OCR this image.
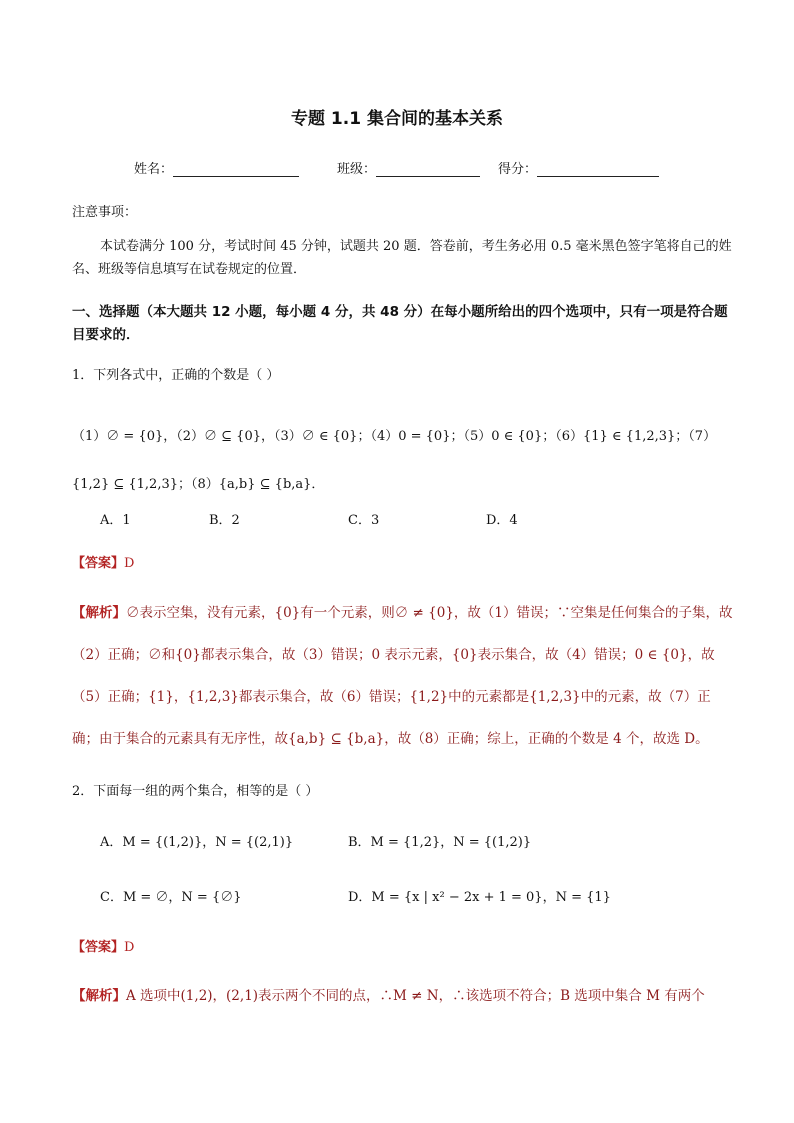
专题 1.1 集合间的基本关系
姓名：	班级：	得分：
注意事项：
本试卷满分 100 分，考试时间 45 分钟，试题共 20 题．答卷前，考生务必用 0.5 毫米黑色签字笔将自己的姓名、班级等信息填写在试卷规定的位置．
一、选择题（本大题共 12 小题，每小题 4 分，共 48 分）在每小题所给出的四个选项中，只有一项是符合题目要求的．
1．下列各式中，正确的个数是（ ）
（1）∅ = {0}，（2）∅ ⊆ {0}，（3）∅ ∈ {0}；（4）0 = {0}；（5）0 ∈ {0}；（6）{1} ∈ {1,2,3}；（7）
{1,2} ⊆ {1,2,3}；（8）{a,b} ⊆ {b,a}．
A．1	B．2	C．3	D．4
【答案】D
【解析】∅表示空集，没有元素，{0}有一个元素，则∅ ≠ {0}，故（1）错误；∵空集是任何集合的子集，故（2）正确；∅和{0}都表示集合，故（3）错误；0 表示元素，{0}表示集合，故（4）错误；0 ∈ {0}，故（5）正确；{1}，{1,2,3}都表示集合，故（6）错误；{1,2}中的元素都是{1,2,3}中的元素，故（7）正确；由于集合的元素具有无序性，故{a,b} ⊆ {b,a}，故（8）正确；综上，正确的个数是 4 个，故选 D。
2．下面每一组的两个集合，相等的是（ ）
A．M = {(1,2)}，N = {(2,1)}	B．M = {1,2}，N = {(1,2)}
C．M = ∅，N = {∅}	D．M = {x | x² − 2x + 1 = 0}，N = {1}
【答案】D
【解析】A 选项中(1,2)，(2,1)表示两个不同的点，∴M ≠ N，∴该选项不符合；B 选项中集合 M 有两个
